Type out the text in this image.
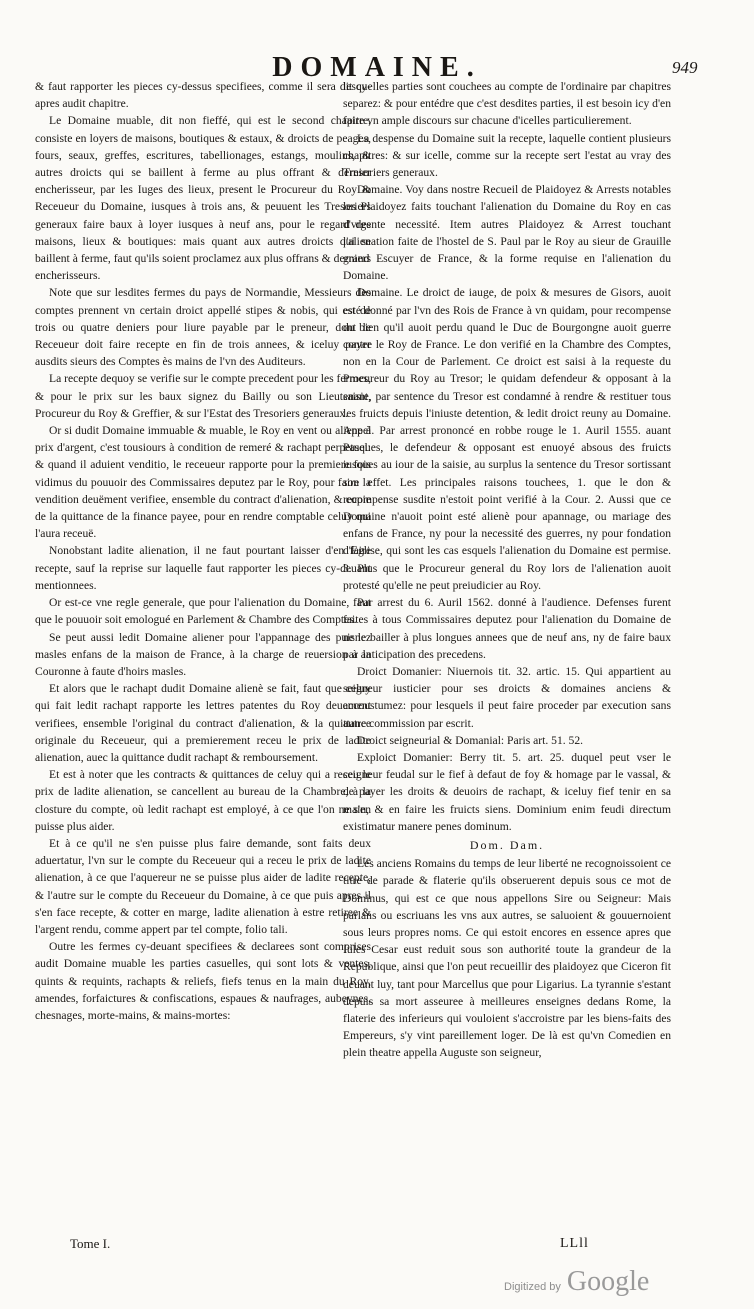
DOMAINE.	949

& faut rapporter les pieces cy-dessus specifiees, comme il sera dit cy-apres audit chapitre.

Le Domaine muable, dit non fieffé, qui est le second chapitre, consiste en loyers de maisons, boutiques & estaux, & droicts de peages, fours, seaux, greffes, escritures, tabellionages, estangs, moulins, & autres droicts qui se baillent à ferme au plus offrant & dernier encherisseur, par les Iuges des lieux, present le Procureur du Roy & Receueur du Domaine, iusques à trois ans, & peuuent les Tresoriers generaux faire baux à loyer iusques à neuf ans, pour le regard des maisons, lieux & boutiques: mais quant aux autres droicts qui se baillent à ferme, faut qu'ils soient proclamez aux plus offrans & derniers encherisseurs.

Note que sur lesdites fermes du pays de Normandie, Messieurs des comptes prennent vn certain droict appellé stipes & nobis, qui est de trois ou quatre deniers pour liure payable par le preneur, dont le Receueur doit faire recepte en fin de trois annees, & iceluy payer ausdits sieurs des Comptes ès mains de l'vn des Auditeurs.

La recepte dequoy se verifie sur le compte precedent pour les fermes, & pour le prix sur les baux signez du Bailly ou son Lieutenant, Procureur du Roy & Greffier, & sur l'Estat des Tresoriers generaux.

Or si dudit Domaine immuable & muable, le Roy en vent ou aliene à prix d'argent, c'est tousiours à condition de remeré & rachapt perpetuel: & quand il aduient venditio, le receueur rapporte pour la premiere fois vidimus du pouuoir des Commissaires deputez par le Roy, pour faire la vendition deuëment verifiee, ensemble du contract d'alienation, & copie de la quittance de la finance payee, pour en rendre comptable celuy qui l'aura receuë.

Nonobstant ladite alienation, il ne faut pourtant laisser d'en faire recepte, sauf la reprise sur laquelle faut rapporter les pieces cy-deuant mentionnees.

Or est-ce vne regle generale, que pour l'alienation du Domaine, faut que le pouuoir soit emologué en Parlement & Chambre des Comptes.

Se peut aussi ledit Domaine aliener pour l'appannage des puisnez masles enfans de la maison de France, à la charge de reuersion à la Couronne à faute d'hoirs masles.

Et alors que le rachapt dudit Domaine alienè se fait, faut que celuy qui fait ledit rachapt rapporte les lettres patentes du Roy deuement verifiees, ensemble l'original du contract d'alienation, & la quittance originale du Receueur, qui a premierement receu le prix de ladite alienation, auec la quittance dudit rachapt & remboursement.

Et est à noter que les contracts & quittances de celuy qui a receu le prix de ladite alienation, se cancellent au bureau de la Chambre, à la closture du compte, où ledit rachapt est employé, à ce que l'on ne s'en puisse plus aider.

Et à ce qu'il ne s'en puisse plus faire demande, sont faits deux aduertatur, l'vn sur le compte du Receueur qui a receu le prix de ladite alienation, à ce que l'aquereur ne se puisse plus aider de ladite recepte, & l'autre sur le compte du Receueur du Domaine, à ce que puis apres il s'en face recepte, & cotter en marge, ladite alienation à estre retiree & l'argent rendu, comme appert par tel compte, folio tali.

Outre les fermes cy-deuant specifiees & declarees sont comprises audit Domaine muable les parties casuelles, qui sont lots & ventes, quints & requints, rachapts & reliefs, fiefs tenus en la main du Roy, amendes, forfaictures & confiscations, espaues & naufrages, aubeynes, chesnages, morte-mains, & mains-mortes:

lesquelles parties sont couchees au compte de l'ordinaire par chapitres separez: & pour entédre que c'est desdites parties, il est besoin icy d'en faire vn ample discours sur chacune d'icelles particulierement.

La despense du Domaine suit la recepte, laquelle contient plusieurs chapitres: & sur icelle, comme sur la recepte sert l'estat au vray des Tresoriers generaux.

Domaine. Voy dans nostre Recueil de Plaidoyez & Arrests notables les Plaidoyez faits touchant l'alienation du Domaine du Roy en cas d'vrgente necessité. Item autres Plaidoyez & Arrest touchant l'alienation faite de l'hostel de S. Paul par le Roy au sieur de Grauille grand Escuyer de France, & la forme requise en l'alienation du Domaine.

Domaine. Le droict de iauge, de poix & mesures de Gisors, auoit esté donné par l'vn des Rois de France à vn quidam, pour recompense du bien qu'il auoit perdu quand le Duc de Bourgongne auoit guerre contre le Roy de France. Le don verifié en la Chambre des Comptes, non en la Cour de Parlement. Ce droict est saisi à la requeste du Procureur du Roy au Tresor; le quidam defendeur & opposant à la saisie, par sentence du Tresor est condamné à rendre & restituer tous les fruicts depuis l'iniuste detention, & ledit droict reuny au Domaine. Appel. Par arrest prononcé en robbe rouge le 1. Auril 1555. auant Pasques, le defendeur & opposant est enuoyé absous des fruicts iusques au iour de la saisie, au surplus la sentence du Tresor sortissant son effet. Les principales raisons touchees, 1. que le don & recompense susdite n'estoit point verifié à la Cour. 2. Aussi que ce Domaine n'auoit point esté alienè pour apannage, ou mariage des enfans de France, ny pour la necessité des guerres, ny pour fondation d'Eglise, qui sont les cas esquels l'alienation du Domaine est permise. 3. Plus que le Procureur general du Roy lors de l'alienation auoit protesté qu'elle ne peut preiudicier au Roy.

Par arrest du 6. Auril 1562. donné à l'audience. Defenses furent faites à tous Commissaires deputez pour l'alienation du Domaine de ne le bailler à plus longues annees que de neuf ans, ny de faire baux par anticipation des precedens.

Droict Domanier: Niuernois tit. 32. artic. 15. Qui appartient au seigneur iusticier pour ses droicts & domaines anciens & accoustumez: pour lesquels il peut faire proceder par execution sans autre commission par escrit.

Droict seigneurial & Domanial: Paris art. 51. 52.

Exploict Domanier: Berry tit. 5. art. 25. duquel peut vser le seigneur feudal sur le fief à defaut de foy & homage par le vassal, & de payer les droits & deuoirs de rachapt, & iceluy fief tenir en sa main, & en faire les fruicts siens. Dominium enim feudi directum existimatur manere penes dominum.

Dom. Dam.

Les anciens Romains du temps de leur liberté ne recognoissoient ce titre de parade & flaterie qu'ils obseruerent depuis sous ce mot de Dominus, qui est ce que nous appellons Sire ou Seigneur: Mais parlans ou escriuans les vns aux autres, se saluoient & gouuernoient sous leurs propres noms. Ce qui estoit encores en essence apres que Iules Cesar eust reduit sous son authorité toute la grandeur de la Republique, ainsi que l'on peut recueillir des plaidoyez que Ciceron fit deuant luy, tant pour Marcellus que pour Ligarius. La tyrannie s'estant depuis sa mort asseuree à meilleures enseignes dedans Rome, la flaterie des inferieurs qui vouloient s'accroistre par les biens-faits des Empereurs, s'y vint pareillement loger. De là est qu'vn Comedien en plein theatre appella Auguste son seigneur,

Tome I.	LLll
Digitized by Google
